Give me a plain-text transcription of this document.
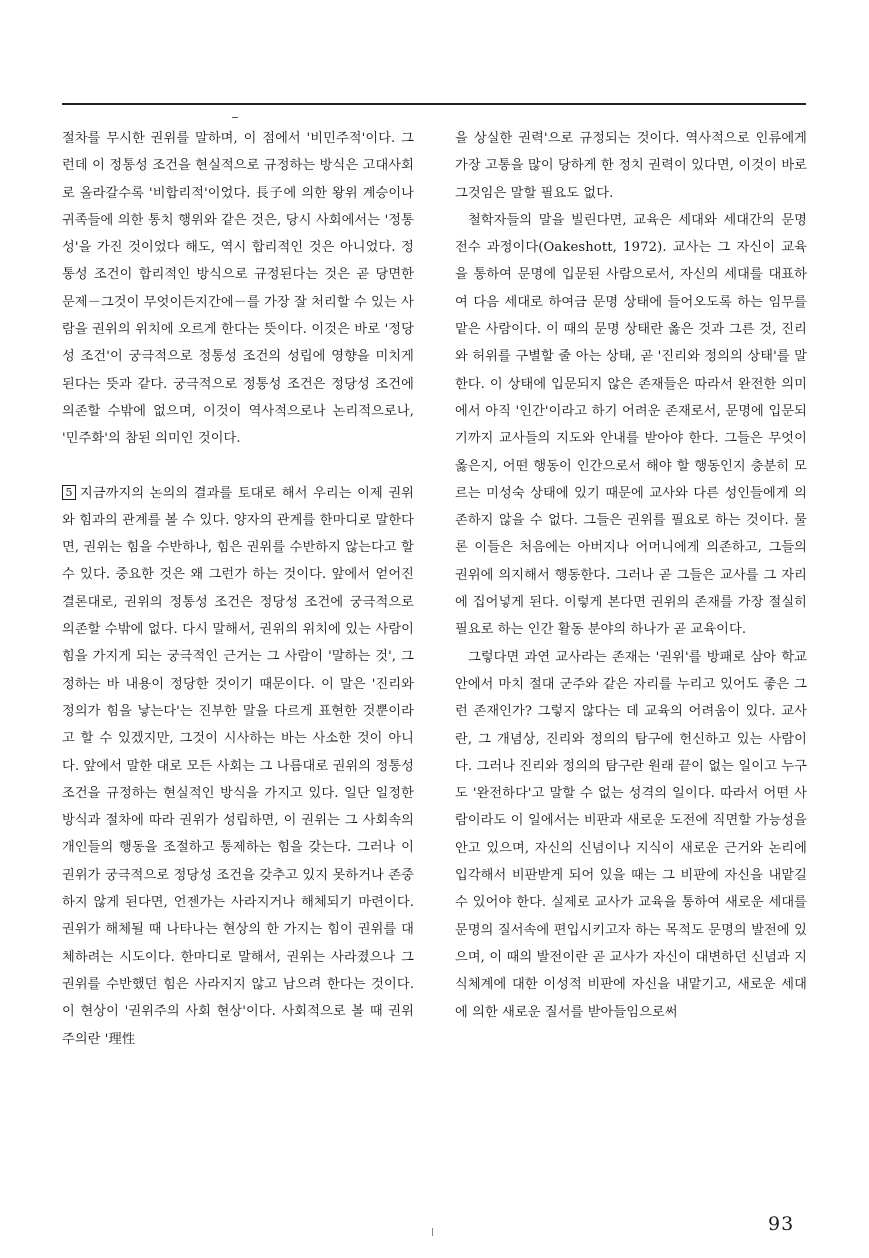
절차를 무시한 권위를 말하며, 이 점에서 '비민주적'이다. 그런데 이 정통성 조건을 현실적으로 규정하는 방식은 고대사회로 올라갈수록 '비합리적'이었다. 長子에 의한 왕위 계승이나 귀족들에 의한 통치 행위와 같은 것은, 당시 사회에서는 '정통성'을 가진 것이었다 해도, 역시 합리적인 것은 아니었다. 정통성 조건이 합리적인 방식으로 규정된다는 것은 곧 당면한 문제－그것이 무엇이든지간에－를 가장 잘 처리할 수 있는 사람을 권위의 위치에 오르게 한다는 뜻이다. 이것은 바로 '정당성 조건'이 궁극적으로 정통성 조건의 성립에 영향을 미치게 된다는 뜻과 같다. 궁극적으로 정통성 조건은 정당성 조건에 의존할 수밖에 없으며, 이것이 역사적으로나 논리적으로나, '민주화'의 참된 의미인 것이다.

5 지금까지의 논의의 결과를 토대로 해서 우리는 이제 권위와 힘과의 관계를 볼 수 있다. 양자의 관계를 한마디로 말한다면, 권위는 힘을 수반하나, 힘은 권위를 수반하지 않는다고 할 수 있다. 중요한 것은 왜 그런가 하는 것이다. 앞에서 얻어진 결론대로, 권위의 정통성 조건은 정당성 조건에 궁극적으로 의존할 수밖에 없다. 다시 말해서, 권위의 위치에 있는 사람이 힘을 가지게 되는 궁극적인 근거는 그 사람이 '말하는 것', 그 정하는 바 내용이 정당한 것이기 때문이다. 이 말은 '진리와 정의가 힘을 낳는다'는 진부한 말을 다르게 표현한 것뿐이라고 할 수 있겠지만, 그것이 시사하는 바는 사소한 것이 아니다. 앞에서 말한 대로 모든 사회는 그 나름대로 권위의 정통성 조건을 규정하는 현실적인 방식을 가지고 있다. 일단 일정한 방식과 절차에 따라 권위가 성립하면, 이 권위는 그 사회속의 개인들의 행동을 조절하고 통제하는 힘을 갖는다. 그러나 이 권위가 궁극적으로 정당성 조건을 갖추고 있지 못하거나 존중하지 않게 된다면, 언젠가는 사라지거나 해체되기 마련이다. 권위가 해체될 때 나타나는 현상의 한 가지는 힘이 권위를 대체하려는 시도이다. 한마디로 말해서, 권위는 사라졌으나 그 권위를 수반했던 힘은 사라지지 않고 남으려 한다는 것이다. 이 현상이 '권위주의 사회 현상'이다. 사회적으로 볼 때 권위주의란 '理性

을 상실한 권력'으로 규정되는 것이다. 역사적으로 인류에게 가장 고통을 많이 당하게 한 정치 권력이 있다면, 이것이 바로 그것임은 말할 필요도 없다.

철학자들의 말을 빌린다면, 교육은 세대와 세대간의 문명 전수 과정이다(Oakeshott, 1972). 교사는 그 자신이 교육을 통하여 문명에 입문된 사람으로서, 자신의 세대를 대표하여 다음 세대로 하여금 문명 상태에 들어오도록 하는 임무를 맡은 사람이다. 이 때의 문명 상태란 옳은 것과 그른 것, 진리와 허위를 구별할 줄 아는 상태, 곧 '진리와 정의의 상태'를 말한다. 이 상태에 입문되지 않은 존재들은 따라서 완전한 의미에서 아직 '인간'이라고 하기 어려운 존재로서, 문명에 입문되기까지 교사들의 지도와 안내를 받아야 한다. 그들은 무엇이 옳은지, 어떤 행동이 인간으로서 해야 할 행동인지 충분히 모르는 미성숙 상태에 있기 때문에 교사와 다른 성인들에게 의존하지 않을 수 없다. 그들은 권위를 필요로 하는 것이다. 물론 이들은 처음에는 아버지나 어머니에게 의존하고, 그들의 권위에 의지해서 행동한다. 그러나 곧 그들은 교사를 그 자리에 집어넣게 된다. 이렇게 본다면 권위의 존재를 가장 절실히 필요로 하는 인간 활동 분야의 하나가 곧 교육이다.

그렇다면 과연 교사라는 존재는 '권위'를 방패로 삼아 학교안에서 마치 절대 군주와 같은 자리를 누리고 있어도 좋은 그런 존재인가? 그렇지 않다는 데 교육의 어려움이 있다. 교사란, 그 개념상, 진리와 정의의 탐구에 헌신하고 있는 사람이다. 그러나 진리와 정의의 탐구란 원래 끝이 없는 일이고 누구도 '완전하다'고 말할 수 없는 성격의 일이다. 따라서 어떤 사람이라도 이 일에서는 비판과 새로운 도전에 직면할 가능성을 안고 있으며, 자신의 신념이나 지식이 새로운 근거와 논리에 입각해서 비판받게 되어 있을 때는 그 비판에 자신을 내맡길 수 있어야 한다. 실제로 교사가 교육을 통하여 새로운 세대를 문명의 질서속에 편입시키고자 하는 목적도 문명의 발전에 있으며, 이 때의 발전이란 곧 교사가 자신이 대변하던 신념과 지식체계에 대한 이성적 비판에 자신을 내맡기고, 새로운 세대에 의한 새로운 질서를 받아들임으로써

93
